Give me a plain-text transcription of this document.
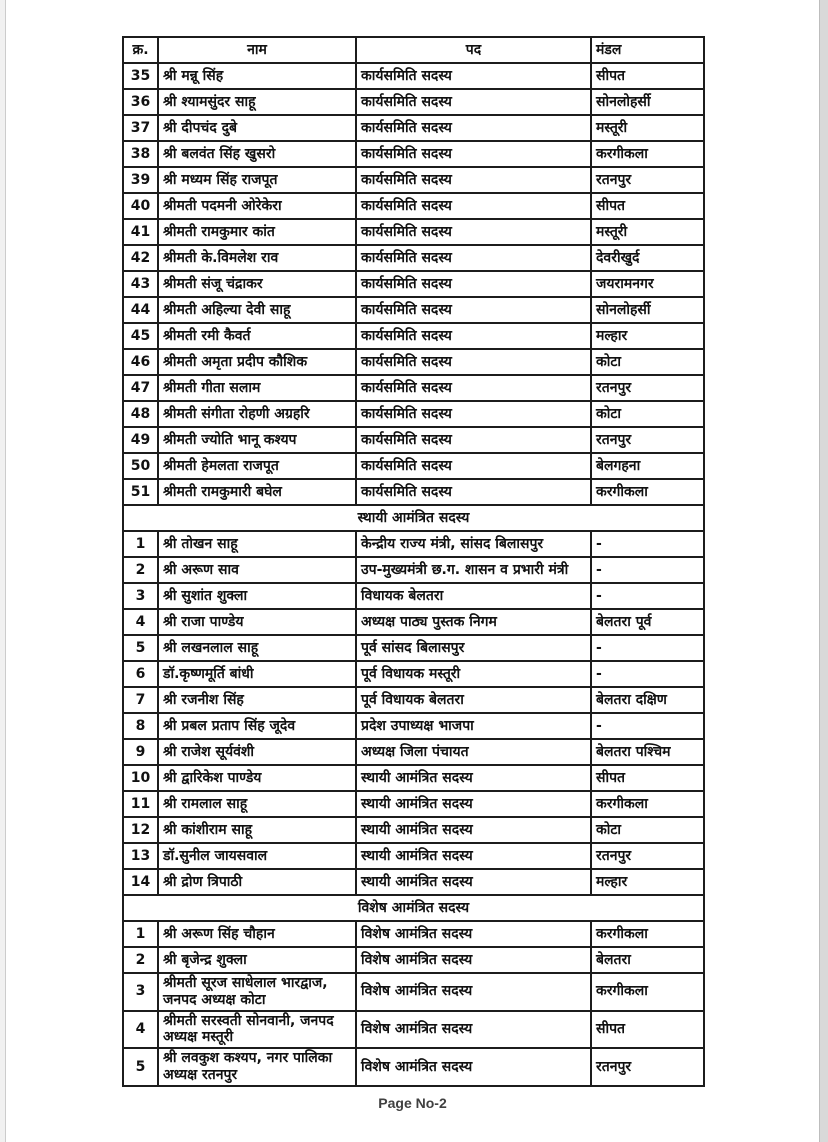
क्र.	नाम	पद	मंडल
35	श्री मन्नू सिंह	कार्यसमिति सदस्य	सीपत
36	श्री श्यामसुंदर साहू	कार्यसमिति सदस्य	सोनलोहर्सी
37	श्री दीपचंद दुबे	कार्यसमिति सदस्य	मस्तूरी
38	श्री बलवंत सिंह खुसरो	कार्यसमिति सदस्य	करगीकला
39	श्री मध्यम सिंह राजपूत	कार्यसमिति सदस्य	रतनपुर
40	श्रीमती पदमनी ओरेकेरा	कार्यसमिति सदस्य	सीपत
41	श्रीमती रामकुमार कांत	कार्यसमिति सदस्य	मस्तूरी
42	श्रीमती के.विमलेश राव	कार्यसमिति सदस्य	देवरीखुर्द
43	श्रीमती संजू चंद्राकर	कार्यसमिति सदस्य	जयरामनगर
44	श्रीमती अहिल्या देवी साहू	कार्यसमिति सदस्य	सोनलोहर्सी
45	श्रीमती रमी कैवर्त	कार्यसमिति सदस्य	मल्हार
46	श्रीमती अमृता प्रदीप कौशिक	कार्यसमिति सदस्य	कोटा
47	श्रीमती गीता सलाम	कार्यसमिति सदस्य	रतनपुर
48	श्रीमती संगीता रोहणी अग्रहरि	कार्यसमिति सदस्य	कोटा
49	श्रीमती ज्योति भानू कश्यप	कार्यसमिति सदस्य	रतनपुर
50	श्रीमती हेमलता राजपूत	कार्यसमिति सदस्य	बेलगहना
51	श्रीमती रामकुमारी बघेल	कार्यसमिति सदस्य	करगीकला
स्थायी आमंत्रित सदस्य			
1	श्री तोखन साहू	केन्द्रीय राज्य मंत्री, सांसद बिलासपुर	-
2	श्री अरूण साव	उप-मुख्यमंत्री छ.ग. शासन व प्रभारी मंत्री	-
3	श्री सुशांत शुक्ला	विधायक बेलतरा	-
4	श्री राजा पाण्डेय	अध्यक्ष पाठ्य पुस्तक निगम	बेलतरा पूर्व
5	श्री लखनलाल साहू	पूर्व सांसद बिलासपुर	-
6	डॉ.कृष्णमूर्ति बांधी	पूर्व विधायक मस्तूरी	-
7	श्री रजनीश सिंह	पूर्व विधायक बेलतरा	बेलतरा दक्षिण
8	श्री प्रबल प्रताप सिंह जूदेव	प्रदेश उपाध्यक्ष भाजपा	-
9	श्री राजेश सूर्यवंशी	अध्यक्ष जिला पंचायत	बेलतरा पश्चिम
10	श्री द्वारिकेश पाण्डेय	स्थायी आमंत्रित सदस्य	सीपत
11	श्री रामलाल साहू	स्थायी आमंत्रित सदस्य	करगीकला
12	श्री कांशीराम साहू	स्थायी आमंत्रित सदस्य	कोटा
13	डॉ.सुनील जायसवाल	स्थायी आमंत्रित सदस्य	रतनपुर
14	श्री द्रोण त्रिपाठी	स्थायी आमंत्रित सदस्य	मल्हार
विशेष आमंत्रित सदस्य			
1	श्री अरूण सिंह चौहान	विशेष आमंत्रित सदस्य	करगीकला
2	श्री बृजेन्द्र शुक्ला	विशेष आमंत्रित सदस्य	बेलतरा
3	श्रीमती सूरज साधेलाल भारद्वाज, जनपद अध्यक्ष कोटा	विशेष आमंत्रित सदस्य	करगीकला
4	श्रीमती सरस्वती सोनवानी, जनपद अध्यक्ष मस्तूरी	विशेष आमंत्रित सदस्य	सीपत
5	श्री लवकुश कश्यप, नगर पालिका अध्यक्ष रतनपुर	विशेष आमंत्रित सदस्य	रतनपुर
Page No-2
